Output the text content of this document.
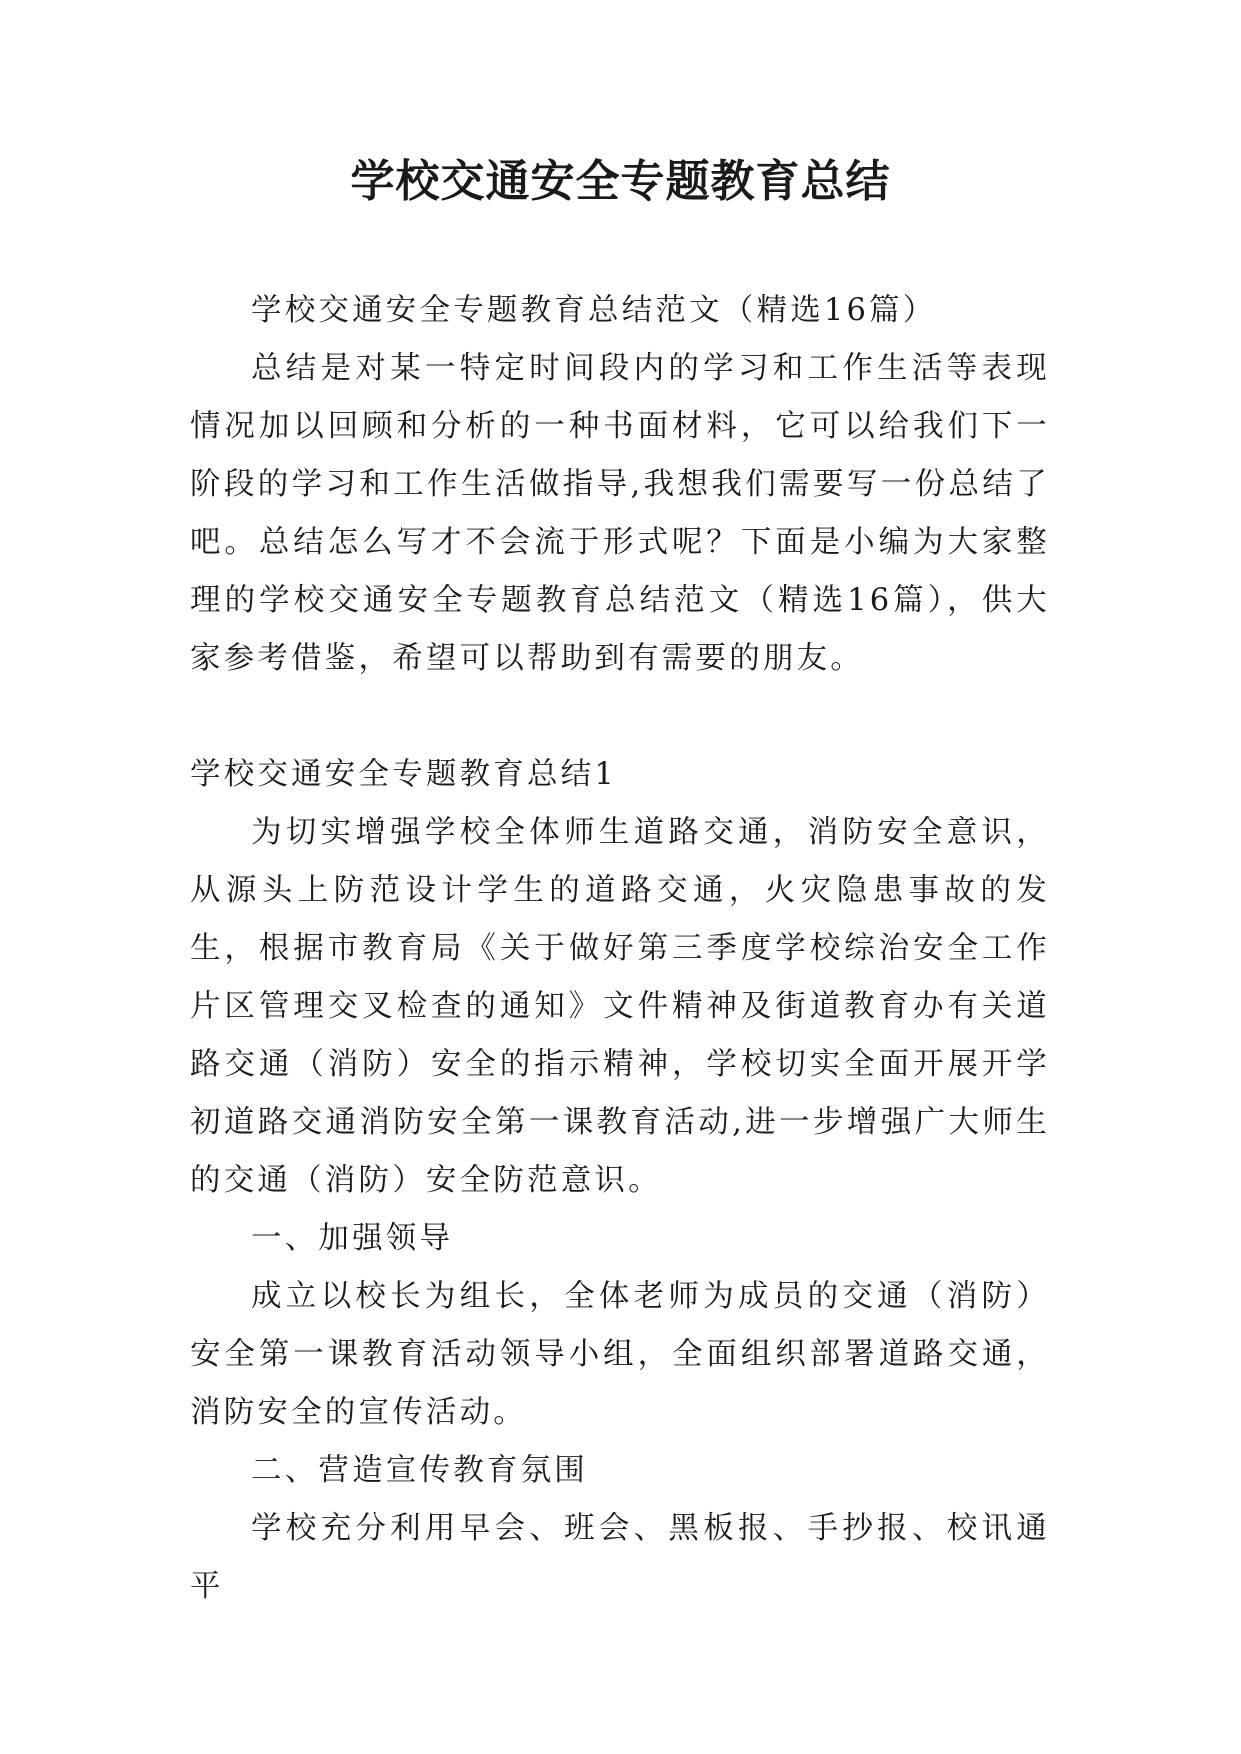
学校交通安全专题教育总结

学校交通安全专题教育总结范文（精选16篇）

总结是对某一特定时间段内的学习和工作生活等表现情况加以回顾和分析的一种书面材料，它可以给我们下一阶段的学习和工作生活做指导,我想我们需要写一份总结了吧。总结怎么写才不会流于形式呢？下面是小编为大家整理的学校交通安全专题教育总结范文（精选16篇），供大家参考借鉴，希望可以帮助到有需要的朋友。

学校交通安全专题教育总结1

为切实增强学校全体师生道路交通，消防安全意识，从源头上防范设计学生的道路交通，火灾隐患事故的发生，根据市教育局《关于做好第三季度学校综治安全工作片区管理交叉检查的通知》文件精神及街道教育办有关道路交通（消防）安全的指示精神，学校切实全面开展开学初道路交通消防安全第一课教育活动,进一步增强广大师生的交通（消防）安全防范意识。

一、加强领导

成立以校长为组长，全体老师为成员的交通（消防）安全第一课教育活动领导小组，全面组织部署道路交通，消防安全的宣传活动。

二、营造宣传教育氛围

学校充分利用早会、班会、黑板报、手抄报、校讯通平
